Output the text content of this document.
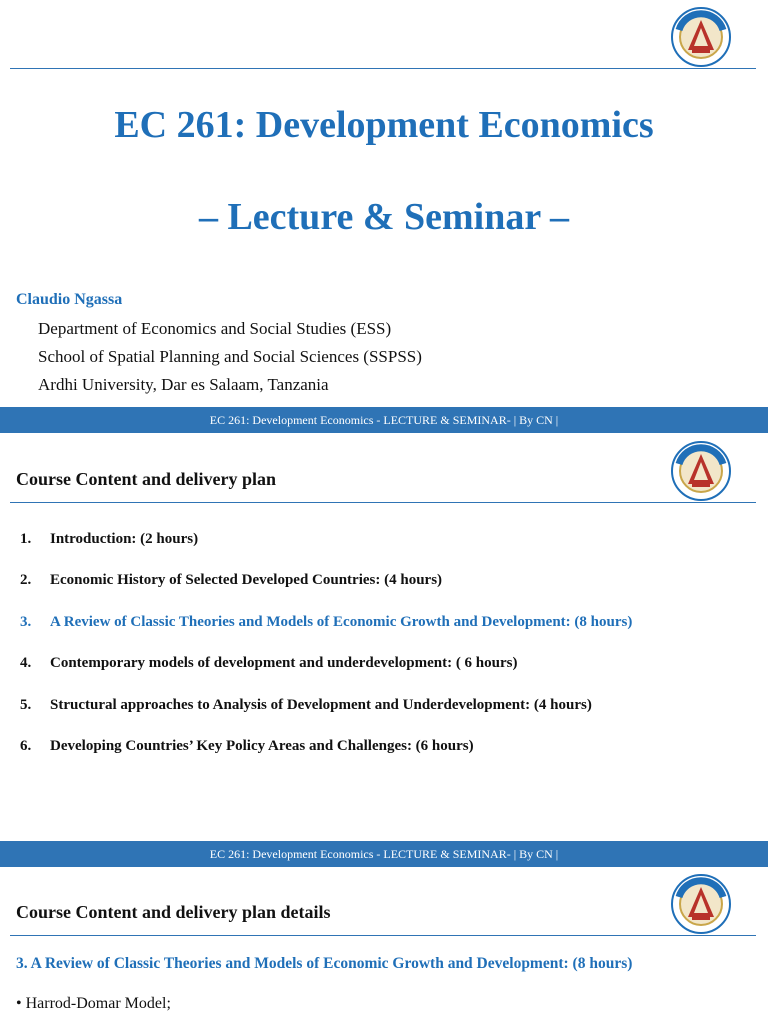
EC 261: Development Economics
– Lecture & Seminar –
Claudio Ngassa
Department of Economics and Social Studies (ESS)
School of Spatial Planning and Social Sciences (SSPSS)
Ardhi University, Dar es Salaam, Tanzania
EC 261: Development Economics - LECTURE & SEMINAR- | By CN |
Course Content and delivery plan
1. Introduction: (2 hours)
2. Economic History of Selected Developed Countries: (4 hours)
3. A Review of Classic Theories and Models of Economic Growth and Development: (8 hours)
4. Contemporary models of development and underdevelopment: ( 6 hours)
5. Structural approaches to Analysis of Development and Underdevelopment: (4 hours)
6. Developing Countries’ Key Policy Areas and Challenges: (6 hours)
EC 261: Development Economics - LECTURE & SEMINAR- | By CN |
Course Content and delivery plan details
3. A Review of Classic Theories and Models of Economic Growth and Development: (8 hours)
• Harrod-Domar Model;
